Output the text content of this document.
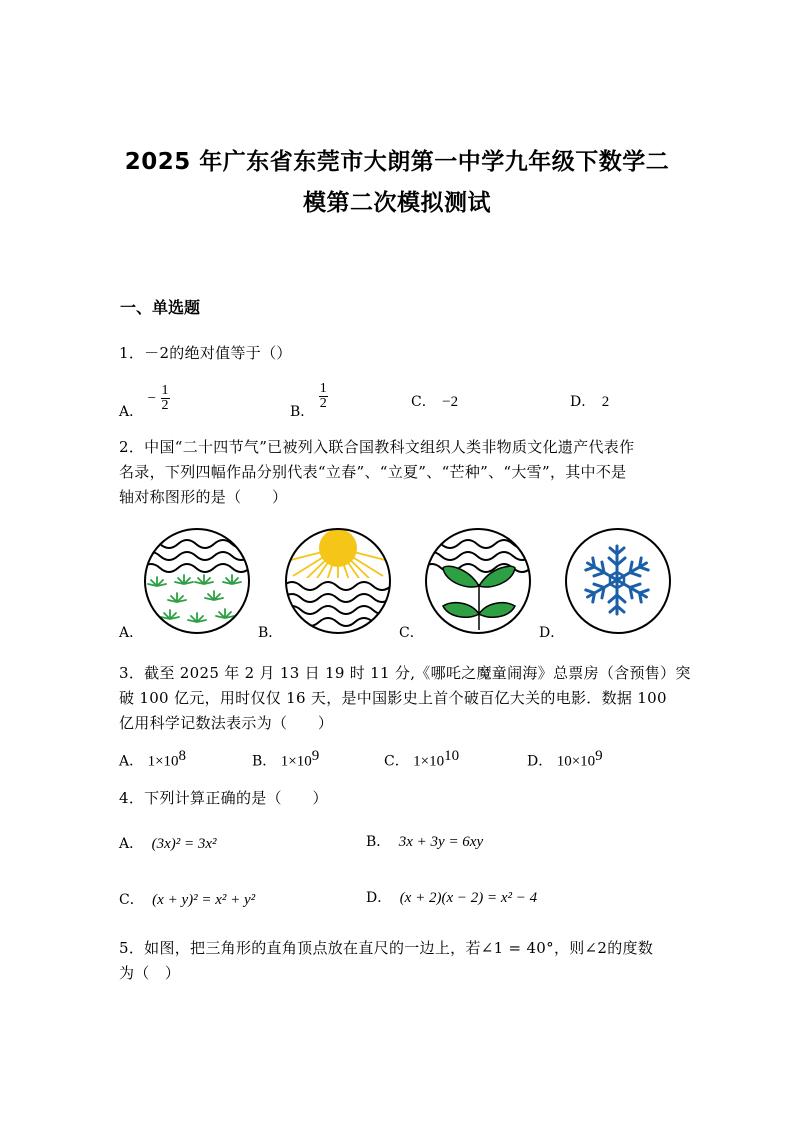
2025 年广东省东莞市大朗第一中学九年级下数学二
模第二次模拟测试
一、单选题
1．－2的绝对值等于（）
A． − $\frac{1}{2}$	B．
$\frac{1}{2}$	C． −2	D． 2
2．中国“二十四节气”已被列入联合国教科文组织人类非物质文化遗产代表作
名录，下列四幅作品分别代表“立春”、“立夏”、“芒种”、“大雪”，其中不是
轴对称图形的是（　　）
A．	B．	C．	D．
3．截至 2025 年 2 月 13 日 19 时 11 分,《哪吒之魔童闹海》总票房（含预售）突
破 100 亿元，用时仅仅 16 天，是中国影史上首个破百亿大关的电影．数据 100
亿用科学记数法表示为（　　）
A． $1\times 10^8$	B． $1\times 10^9$	C． $1\times 10^{10}$	D． $10\times 10^9$
4．下列计算正确的是（　　）
A． (3x)² = 3x²	B． 3x + 3y = 6xy
C． (x + y)² = x² + y²	D． (x + 2)(x − 2) = x² − 4
5．如图，把三角形的直角顶点放在直尺的一边上，若∠1 = 40°，则∠2的度数
为（　）
